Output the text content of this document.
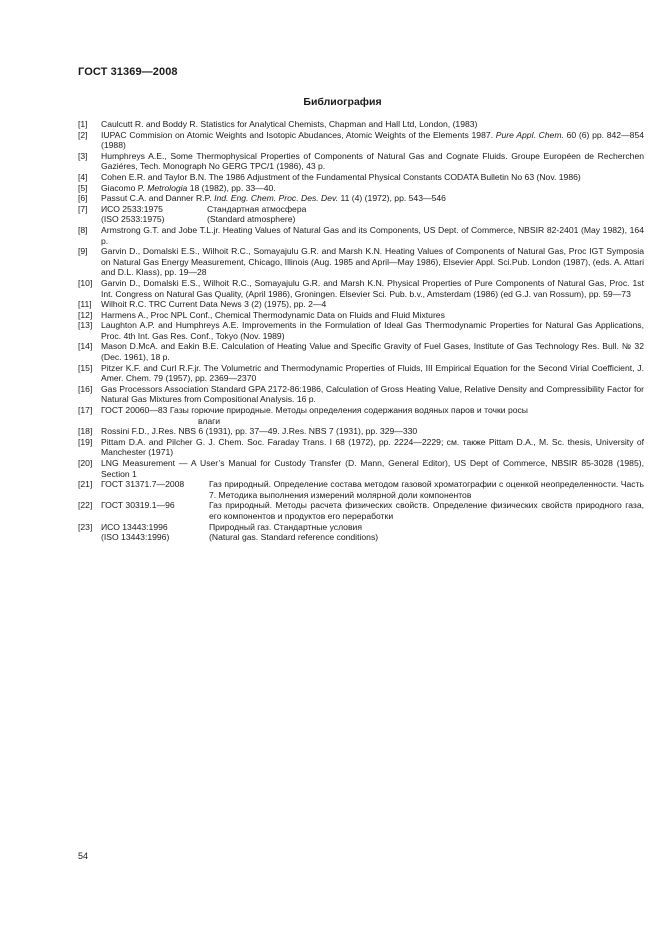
ГОСТ 31369—2008
Библиография
[1] Caulcutt R. and Boddy R. Statistics for Analytical Chemists, Chapman and Hall Ltd, London, (1983)
[2] IUPAC Commision on Atomic Weights and Isotopic Abudances, Atomic Weights of the Elements 1987. Pure Appl. Chem. 60 (6) pp. 842—854 (1988)
[3] Humphreys A.E., Some Thermophysical Properties of Components of Natural Gas and Cognate Fluids. Groupe Européen de Recherchen Gaziéres, Tech. Monograph No GERG TPC/1 (1986), 43 p.
[4] Cohen E.R. and Taylor B.N. The 1986 Adjustment of the Fundamental Physical Constants CODATA Bulletin No 63 (Nov. 1986)
[5] Giacomo P. Metrologia 18 (1982), pp. 33—40.
[6] Passut C.A. and Danner R.P. Ind. Eng. Chem. Proc. Des. Dev. 11 (4) (1972), pp. 543—546
[7] ИСО 2533:1975	Стандартная атмосфера
(ISO 2533:1975)	(Standard atmosphere)
[8] Armstrong G.T. and Jobe T.L.jr. Heating Values of Natural Gas and its Components, US Dept. of Commerce, NBSIR 82-2401 (May 1982), 164 p.
[9] Garvin D., Domalski E.S., Wilhoit R.C., Somayajulu G.R. and Marsh K.N. Heating Values of Components of Natural Gas, Proc IGT Symposia on Natural Gas Energy Measurement, Chicago, Illinois (Aug. 1985 and April—May 1986), Elsevier Appl. Sci.Pub. London (1987), (eds. A. Attari and D.L. Klass), pp. 19—28
[10] Garvin D., Domalski E.S., Wilhoit R.C., Somayajulu G.R. and Marsh K.N. Physical Properties of Pure Components of Natural Gas, Proc. 1st Int. Congress on Natural Gas Quality, (April 1986), Groningen. Elsevier Sci. Pub. b.v., Amsterdam (1986) (ed G.J. van Rossum), pp. 59—73
[11] Wilhoit R.C. TRC Current Data News 3 (2) (1975), pp. 2—4
[12] Harmens A., Proc NPL Conf., Chemical Thermodynamic Data on Fluids and Fluid Mixtures
[13] Laughton A.P. and Humphreys A.E. Improvements in the Formulation of Ideal Gas Thermodynamic Properties for Natural Gas Applications, Proc. 4th Int. Gas Res. Conf., Tokyo (Nov. 1989)
[14] Mason D.McA. and Eakin B.E. Calculation of Heating Value and Specific Gravity of Fuel Gases, Institute of Gas Technology Res. Bull. № 32 (Dec. 1961), 18 p.
[15] Pitzer K.F. and Curl R.F.jr. The Volumetric and Thermodynamic Properties of Fluids, III Empirical Equation for the Second Virial Coefficient, J. Amer. Chem. 79 (1957), pp. 2369—2370
[16] Gas Processors Association Standard GPA 2172-86:1986, Calculation of Gross Heating Value, Relative Density and Compressibility Factor for Natural Gas Mixtures from Compositional Analysis. 16 p.
[17] ГОСТ 20060—83 Газы горючие природные. Методы определения содержания водяных паров и точки росы
влаги
[18] Rossini F.D., J.Res. NBS 6 (1931), pp. 37—49. J.Res. NBS 7 (1931), pp. 329—330
[19] Pittam D.A. and Pilcher G. J. Chem. Soc. Faraday Trans. I 68 (1972), pp. 2224—2229; см. также Pittam D.A., M. Sc. thesis, University of Manchester (1971)
[20] LNG Measurement — A User’s Manual for Custody Transfer (D. Mann, General Editor), US Dept of Commerce, NBSIR 85-3028 (1985), Section 1
[21] ГОСТ 31371.7—2008	Газ природный. Определение состава методом газовой хроматографии с оценкой неопределенности. Часть 7. Методика выполнения измерений молярной доли компонентов
[22] ГОСТ 30319.1—96	Газ природный. Методы расчета физических свойств. Определение физических свойств природного газа, его компонентов и продуктов его переработки
[23] ИСО 13443:1996	Природный газ. Стандартные условия
(ISO 13443:1996)	(Natural gas. Standard reference conditions)
54
